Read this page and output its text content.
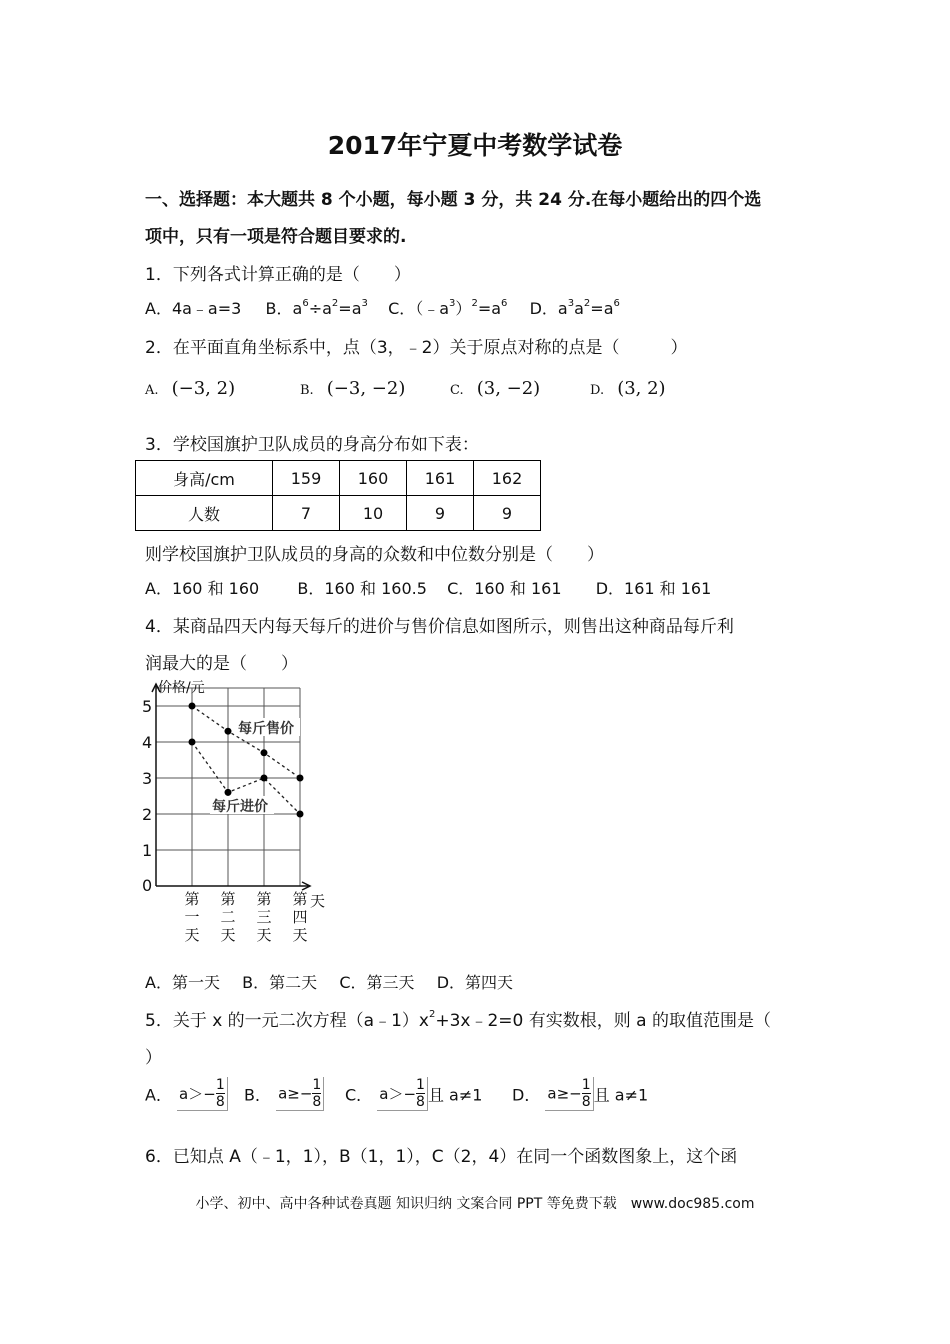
2017年宁夏中考数学试卷
一、选择题：本大题共 8 个小题，每小题 3 分，共 24 分.在每小题给出的四个选
项中，只有一项是符合题目要求的.
1．下列各式计算正确的是（　　）
A．4a﹣a=3 B．$a^6\div a^2=a^3$ C．$(﹣a^3)^2=a^6$ D．$a^3a^2=a^6$
2．在平面直角坐标系中，点（3，﹣2）关于原点对称的点是（　　　）
A. (−3, 2)	B. (−3, −2)	C. (3, −2)	D. (3, 2)
3．学校国旗护卫队成员的身高分布如下表：
身高/cm	159	160	161	162
人数	7	10	9	9
则学校国旗护卫队成员的身高的众数和中位数分别是（　　）
A．160 和 160 B．160 和 160.5 C．160 和 161 D．161 和 161
4．某商品四天内每天每斤的进价与售价信息如图所示，则售出这种商品每斤利
润最大的是（　　）
价格/元
天
0
1
2
3
4
5
第
一
天
第
二
天
第
三
天
第
四
天
每斤售价
每斤进价
A．第一天 B．第二天 C．第三天 D．第四天
5．关于 x 的一元二次方程$(a﹣1)x^2+3x﹣2=0$ 有实数根，则 a 的取值范围是（
）
A． $a>- \frac{1}{8}$ B． $a\ge- \frac{1}{8}$ C． $a>- \frac{1}{8}$ 且 a≠1 D． $a\ge- \frac{1}{8}$ 且 a≠1
6．已知点 A（﹣1，1），B（1，1），C（2，4）在同一个函数图象上，这个函
小学、初中、高中各种试卷真题 知识归纳 文案合同 PPT 等免费下载　www.doc985.com
